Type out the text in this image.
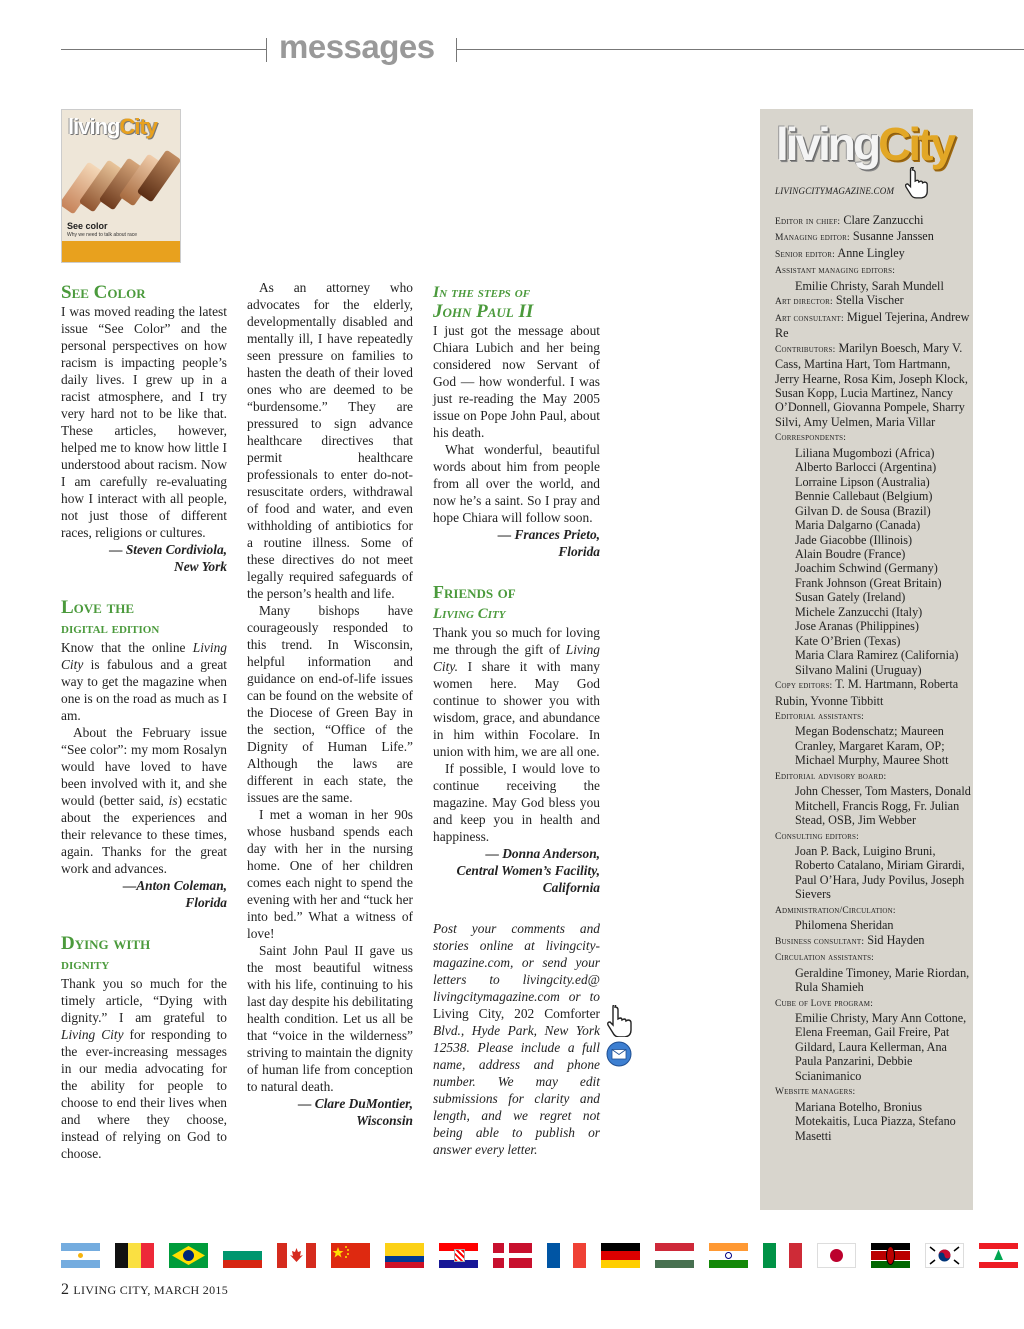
messages
livingCity
See color
Why we need to talk about race

See Color

I was moved reading the latest issue “See Color” and the personal perspectives on how racism is impacting people’s daily lives. I grew up in a racist atmosphere, and I try very hard not to be like that. These articles, however, helped me to know how little I understood about racism. Now I am carefully re-evaluating how I interact with all people, not just those of different races, religions or cultures.

— Steven Cordiviola,

New York

Love the
digital edition

Know that the online Living City is fabulous and a great way to get the magazine when one is on the road as much as I am.

About the February issue “See color”: my mom Rosalyn would have loved to have been involved with it, and she would (better said, is) ecstatic about the experiences and their relevance to these times, again. Thanks for the great work and advances.

—Anton Coleman,

Florida

Dying with
dignity

Thank you so much for the timely article, “Dying with dignity.” I am grateful to Living City for responding to the ever-increasing messages in our media advocating for the ability for people to choose to end their lives when and where they choose, instead of relying on God to choose.

As an attorney who advocates for the elderly, developmentally disabled and mentally ill, I have repeatedly seen pressure on families to hasten the death of their loved ones who are deemed to be “burdensome.” They are pressured to sign advance healthcare directives that permit healthcare professionals to enter do-not-resuscitate orders, withdrawal of food and water, and even withholding of antibiotics for a routine illness. Some of these directives do not meet legally required safeguards of the person’s health and life.

Many bishops have courageously responded to this trend. In Wisconsin, helpful information and guidance on end-of-life issues can be found on the website of the Diocese of Green Bay in the section, “Office of the Dignity of Human Life.” Although the laws are different in each state, the issues are the same.

I met a woman in her 90s whose husband spends each day with her in the nursing home. One of her children comes each night to spend the evening with her and “tuck her into bed.” What a witness of love!

Saint John Paul II gave us the most beautiful witness with his life, continuing to his last day despite his debilitating health condition. Let us all be that “voice in the wilderness” striving to maintain the dignity of human life from conception to natural death.

— Clare DuMontier,

Wisconsin

In the steps of
John Paul II

I just got the message about Chiara Lubich and her being considered now Servant of God — how wonderful. I was just re-reading the May 2005 issue on Pope John Paul, about his death.

What wonderful, beautiful words about him from people from all over the world, and now he’s a saint. So I pray and hope Chiara will follow soon.

— Frances Prieto,

Florida

Friends of
Living City

Thank you so much for loving me through the gift of Living City. I share it with many women here. May God continue to shower you with wisdom, grace, and abundance in him within Focolare. In union with him, we are all one.

If possible, I would love to continue receiving the magazine. May God bless you and keep you in health and happiness.

— Donna Anderson,

Central Women’s Facility,

California

Post your comments and stories online at livingcity-magazine.com, or send your letters to livingcity.ed@ livingcitymagazine.com or to Living City, 202 Comforter Blvd., Hyde Park, New York 12538. Please include a full name, address and phone number. We may edit submissions for clarity and length, and we regret not being able to publish or answer every letter.

livingCity
LIVINGCITYMAGAZINE.COM

Editor in chief: Clare Zanzucchi

Managing editor: Susanne Janssen

Senior editor: Anne Lingley

Assistant managing editors:

Emilie Christy, Sarah Mundell

Art director: Stella Vischer

Art consultant: Miguel Tejerina, Andrew Re

Contributors: Marilyn Boesch, Mary V. Cass, Martina Hart, Tom Hartmann, Jerry Hearne, Rosa Kim, Joseph Klock, Susan Kopp, Lucia Martinez, Nancy O’Donnell, Giovanna Pompele, Sharry Silvi, Amy Uelmen, Maria Villar

Correspondents:

Liliana Mugombozi (Africa)

Alberto Barlocci (Argentina)

Lorraine Lipson (Australia)

Bennie Callebaut (Belgium)

Gilvan D. de Sousa (Brazil)

Maria Dalgarno (Canada)

Jade Giacobbe (Illinois)

Alain Boudre (France)

Joachim Schwind (Germany)

Frank Johnson (Great Britain)

Susan Gately (Ireland)

Michele Zanzucchi (Italy)

Jose Aranas (Philippines)

Kate O’Brien (Texas)

Maria Clara Ramirez (California)

Silvano Malini (Uruguay)

Copy editors: T. M. Hartmann, Roberta Rubin, Yvonne Tibbitt

Editorial assistants:

Megan Bodenschatz; Maureen Cranley, Margaret Karam, OP; Michael Murphy, Mauree Shott

Editorial advisory board:

John Chesser, Tom Masters, Donald Mitchell, Francis Rogg, Fr. Julian Stead, OSB, Jim Webber

Consulting editors:

Joan P. Back, Luigino Bruni, Roberto Catalano, Miriam Girardi, Paul O’Hara, Judy Povilus, Joseph Sievers

Administration/Circulation:

Philomena Sheridan

Business consultant: Sid Hayden

Circulation assistants:

Geraldine Timoney, Marie Riordan, Rula Shamieh

Cube of Love program:

Emilie Christy, Mary Ann Cottone, Elena Freeman, Gail Freire, Pat Gildard, Laura Kellerman, Ana Paula Panzarini, Debbie Scianimanico

Website managers:

Mariana Botelho, Bronius Motekaitis, Luca Piazza, Stefano Masetti

2 LIVING CITY, MARCH 2015
